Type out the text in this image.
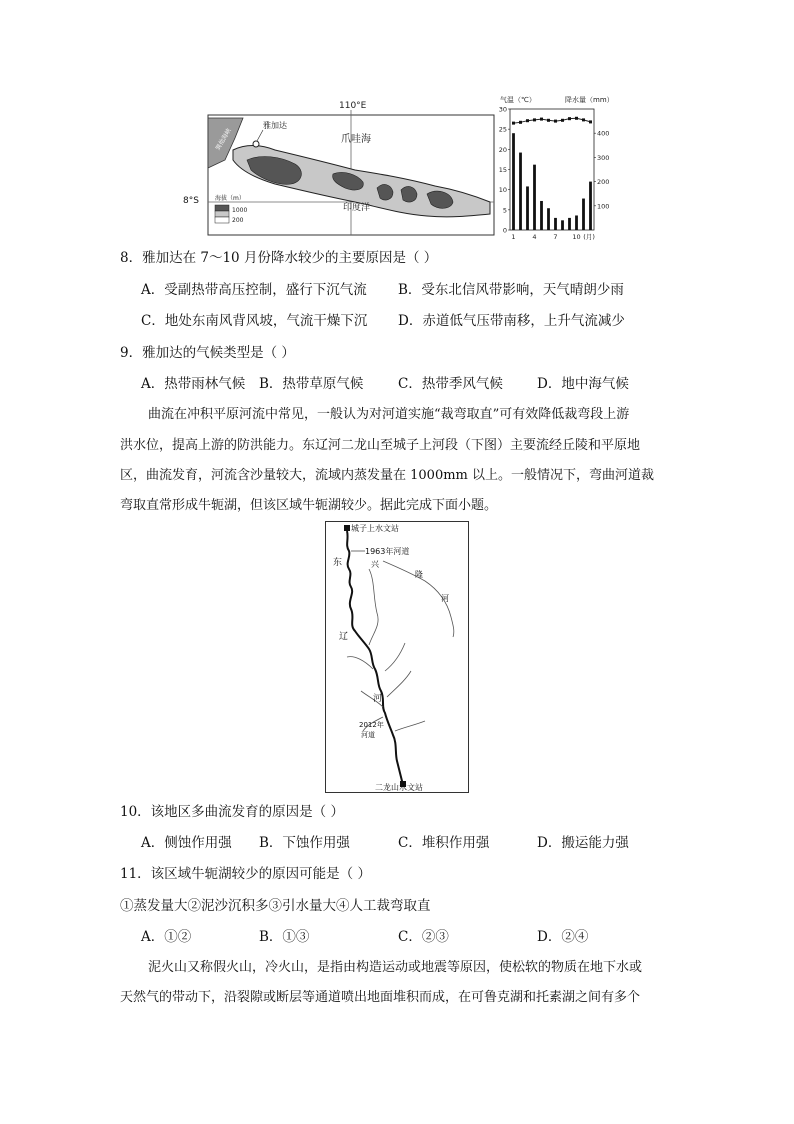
雅加达
爪哇海
印度洋
巽他海峡
110°E
海拔（m）
1000
200
8°S
气温（℃）	降水量（mm）
30
25
20
15
10
5
0
400
300
200
100
1	4	7 10 (月)
8．雅加达在 7～10 月份降水较少的主要原因是（ ）
A．受副热带高压控制，盛行下沉气流 B．受东北信风带影响，天气晴朗少雨
C．地处东南风背风坡，气流干燥下沉 D．赤道低气压带南移，上升气流减少
9．雅加达的气候类型是（ ）
A．热带雨林气候 B．热带草原气候	C．热带季风气候	D．地中海气候
曲流在冲积平原河流中常见，一般认为对河道实施“裁弯取直”可有效降低裁弯段上游
洪水位，提高上游的防洪能力。东辽河二龙山至城子上河段（下图）主要流经丘陵和平原地
区，曲流发育，河流含沙量较大，流域内蒸发量在 1000mm 以上。一般情况下，弯曲河道裁
弯取直常形成牛轭湖，但该区域牛轭湖较少。据此完成下面小题。
城子上水文站
1963年河道
东	兴
隆
河
辽
河
2012年
河道
二龙山水文站
10．该地区多曲流发育的原因是（ ）
A．侧蚀作用强 B．下蚀作用强	C．堆积作用强	D．搬运能力强
11．该区域牛轭湖较少的原因可能是（ ）
①蒸发量大②泥沙沉积多③引水量大④人工裁弯取直
A．①②	B．①③	C．②③	D．②④
泥火山又称假火山，冷火山，是指由构造运动或地震等原因，使松软的物质在地下水或
天然气的带动下，沿裂隙或断层等通道喷出地面堆积而成，在可鲁克湖和托素湖之间有多个
